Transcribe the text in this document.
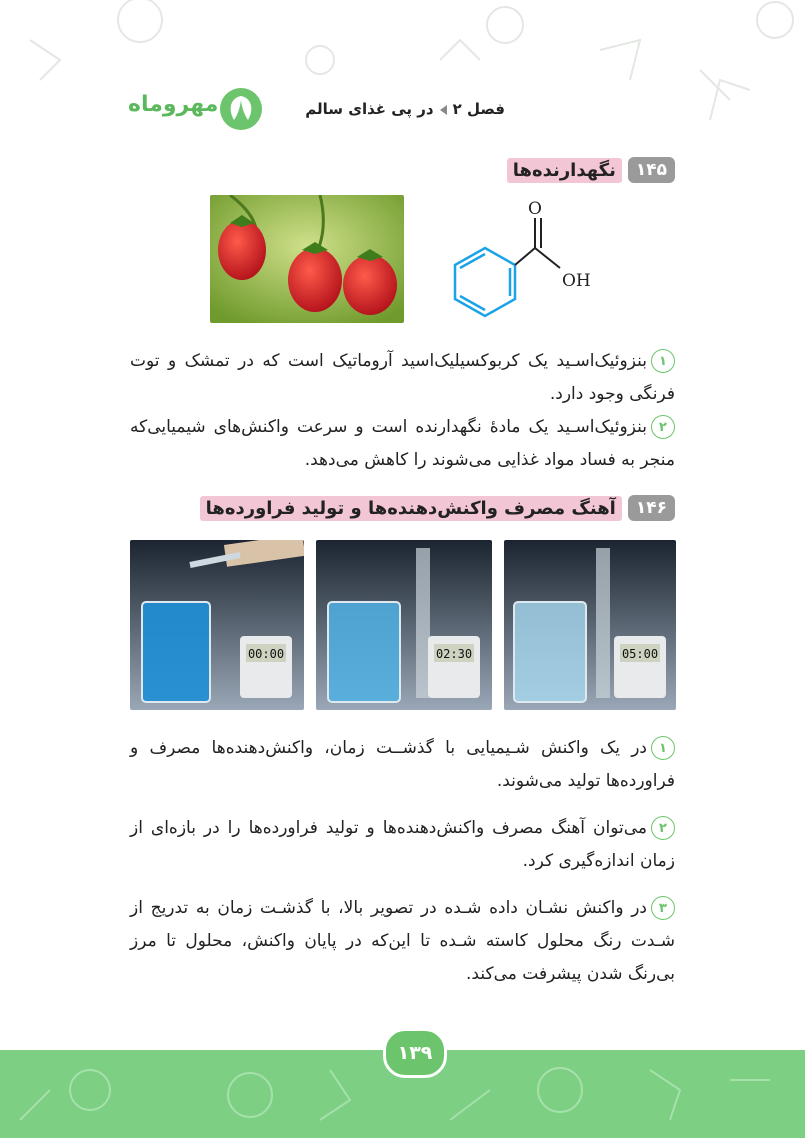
مهروماه	فصل ۲در پی غذای سالم
۱۴۵
نگهدارنده‌ها
O
OH
۱بنزوئیک‌اسـید یک کربوکسیلیک‌اسید آروماتیک است که در تمشک و توت فرنگی وجود دارد.
۲بنزوئیک‌اسـید یک مادهٔ نگهدارنده است و سرعت واکنش‌های شیمیایی‌که منجر به فساد مواد غذایی می‌شوند را کاهش می‌دهد.
۱۴۶
آهنگ مصرف واکنش‌دهنده‌ها و تولید فراورده‌ها
00:00	02:30	05:00
۱در یک واکنش شـیمیایی با گذشــت زمان، واکنش‌دهنده‌ها مصرف و فراورده‌ها تولید می‌شوند.
۲می‌توان آهنگ مصرف واکنش‌دهنده‌ها و تولید فراورده‌ها را در بازه‌ای از زمان اندازه‌گیری کرد.
۳در واکنش نشـان داده شـده در تصویر بالا، با گذشـت زمان به تدریج از شـدت رنگ محلول کاسته شـده تا این‌که در پایان واکنش، محلول تا مرز بی‌رنگ شدن پیشرفت می‌کند.
۱۳۹
